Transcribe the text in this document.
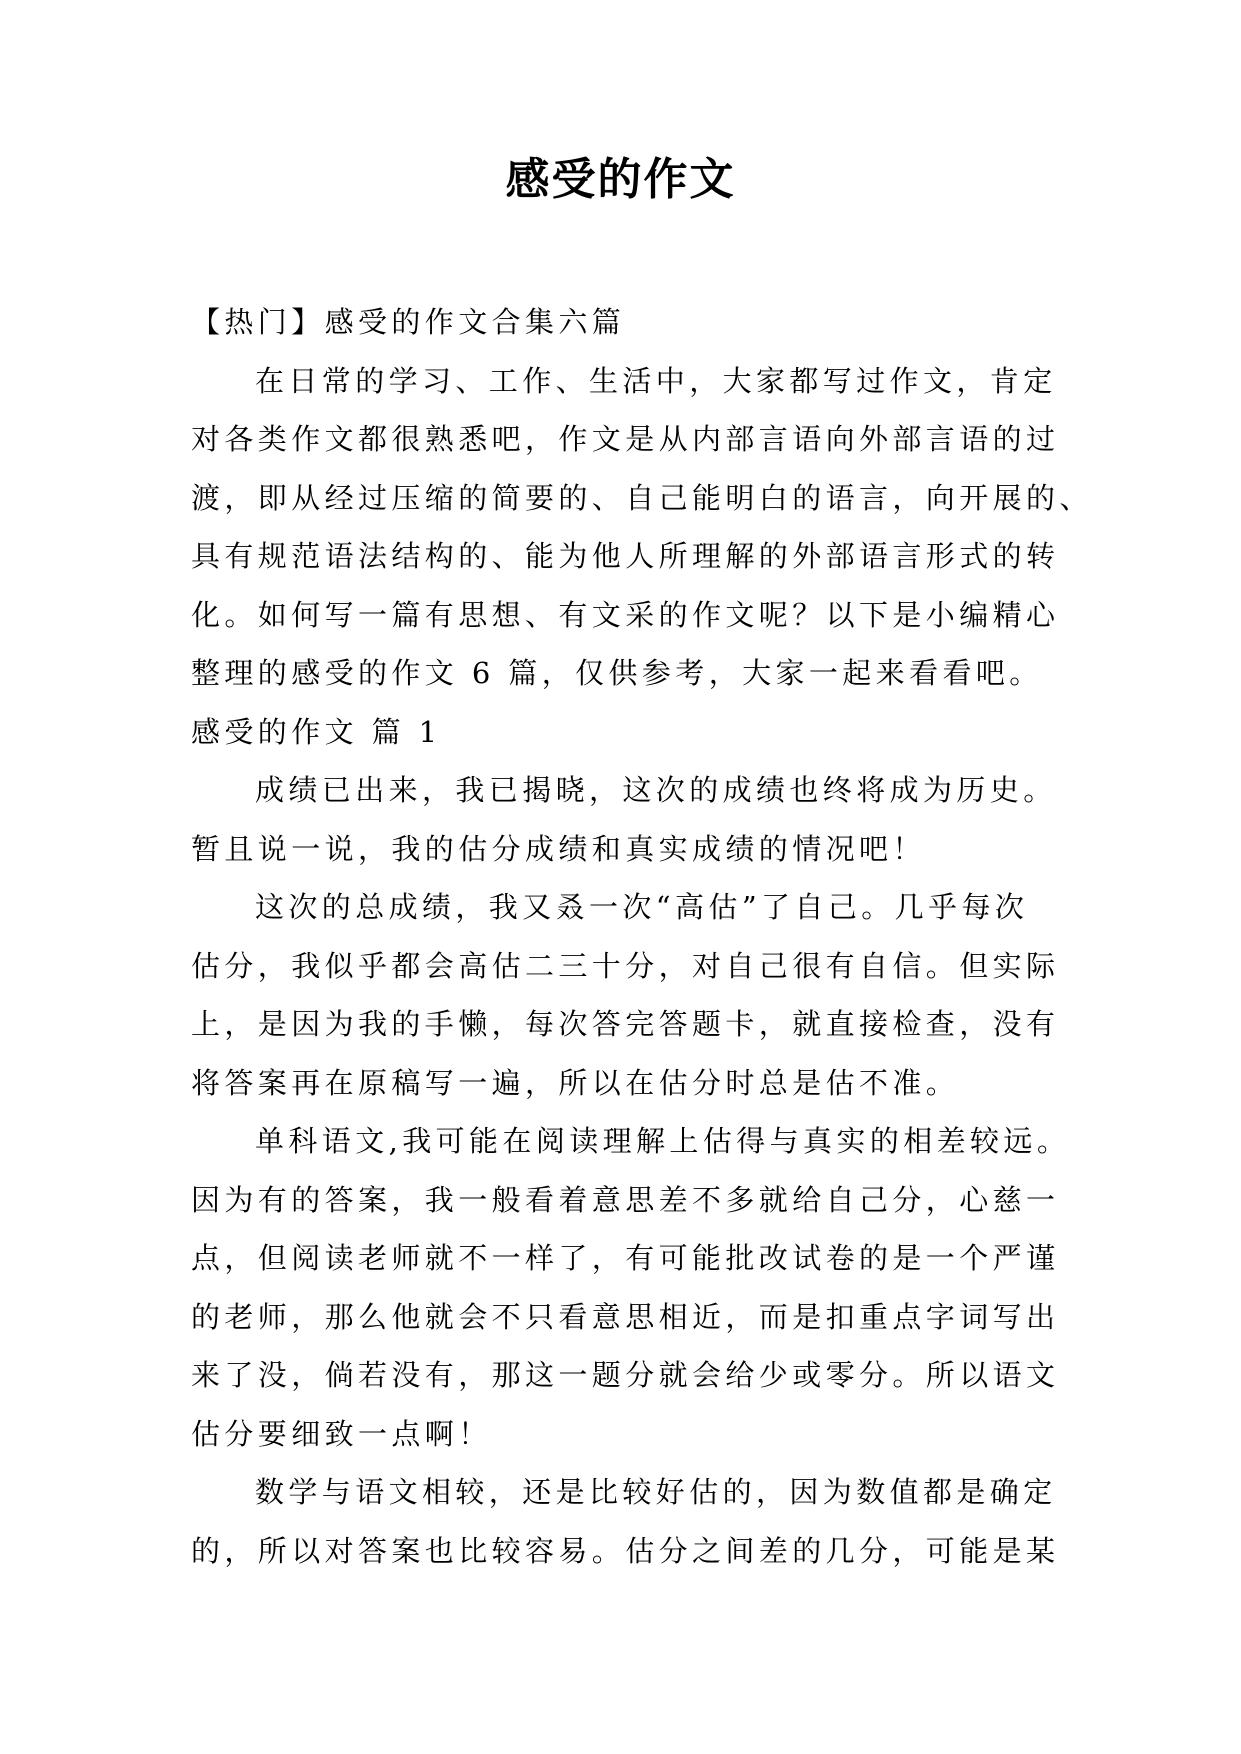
感受的作文

【热门】感受的作文合集六篇

在日常的学习、工作、生活中，大家都写过作文，肯定

对各类作文都很熟悉吧，作文是从内部言语向外部言语的过

渡，即从经过压缩的简要的、自己能明白的语言，向开展的、

具有规范语法结构的、能为他人所理解的外部语言形式的转

化。如何写一篇有思想、有文采的作文呢？以下是小编精心

整理的感受的作文 6 篇，仅供参考，大家一起来看看吧。

感受的作文 篇 1

成绩已出来，我已揭晓，这次的成绩也终将成为历史。

暂且说一说，我的估分成绩和真实成绩的情况吧！

这次的总成绩，我又叒一次“高估”了自己。几乎每次

估分，我似乎都会高估二三十分，对自己很有自信。但实际

上，是因为我的手懒，每次答完答题卡，就直接检查，没有

将答案再在原稿写一遍，所以在估分时总是估不准。

单科语文,我可能在阅读理解上估得与真实的相差较远。

因为有的答案，我一般看着意思差不多就给自己分，心慈一

点，但阅读老师就不一样了，有可能批改试卷的是一个严谨

的老师，那么他就会不只看意思相近，而是扣重点字词写出

来了没，倘若没有，那这一题分就会给少或零分。所以语文

估分要细致一点啊！

数学与语文相较，还是比较好估的，因为数值都是确定

的，所以对答案也比较容易。估分之间差的几分，可能是某
